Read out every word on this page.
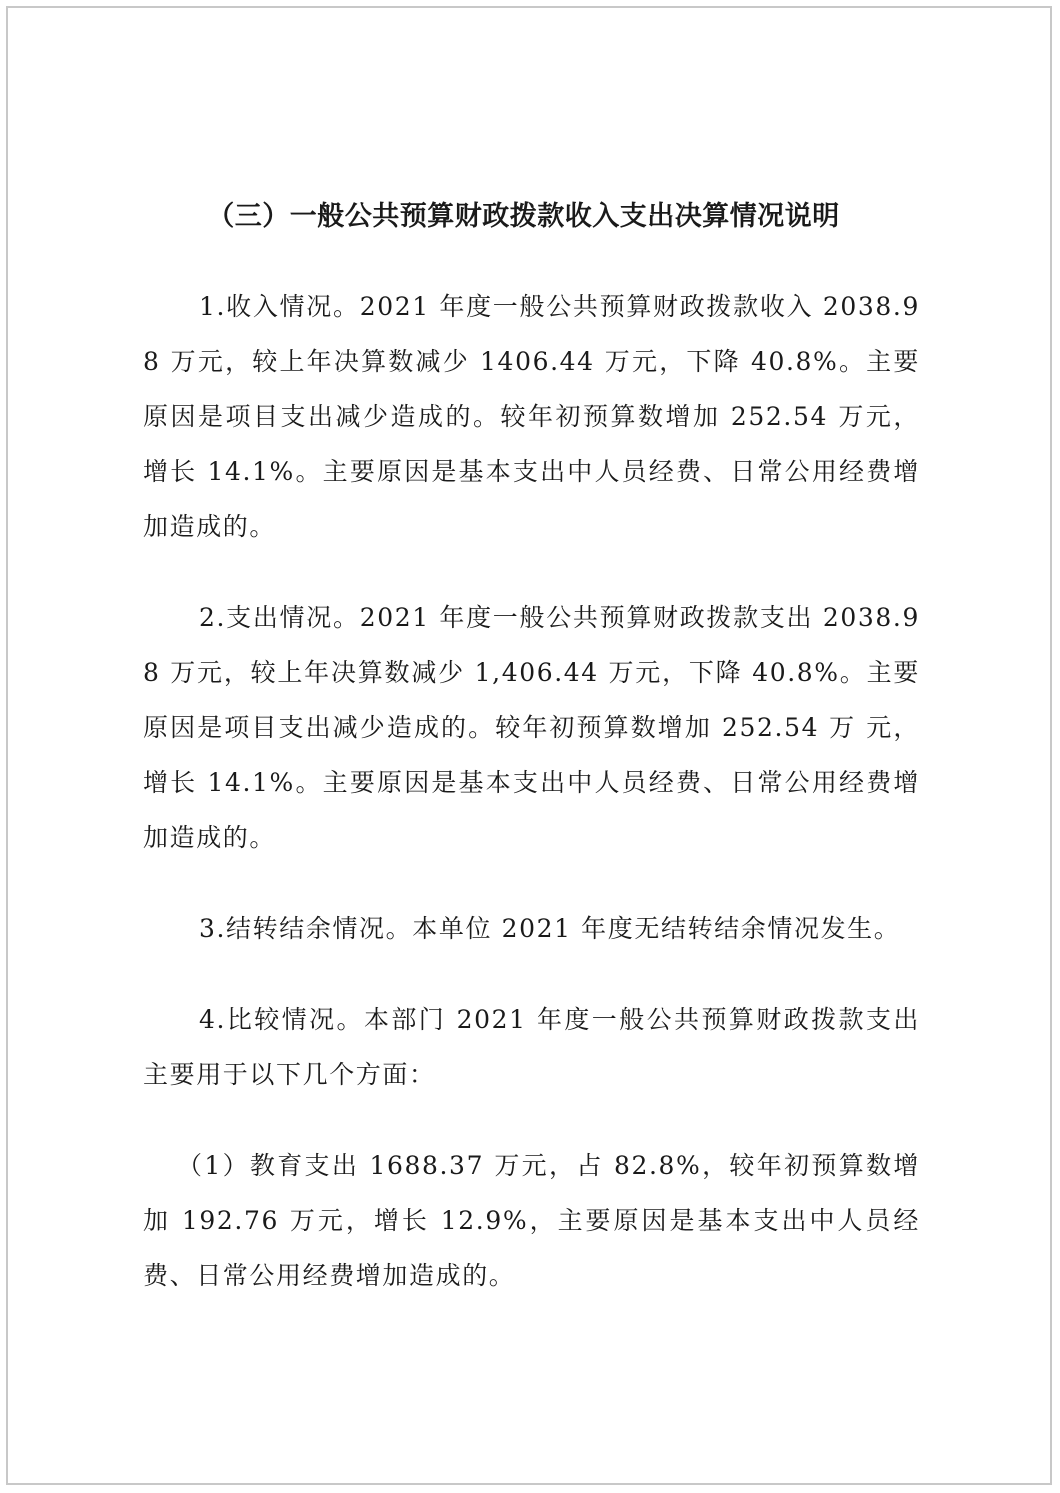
（三）一般公共预算财政拨款收入支出决算情况说明

1.收入情况。2021 年度一般公共预算财政拨款收入 2038.98 万元，较上年决算数减少 1406.44 万元，下降 40.8%。主要原因是项目支出减少造成的。较年初预算数增加 252.54 万元，增长 14.1%。主要原因是基本支出中人员经费、日常公用经费增加造成的。

2.支出情况。2021 年度一般公共预算财政拨款支出 2038.98 万元，较上年决算数减少 1,406.44 万元，下降 40.8%。主要原因是项目支出减少造成的。较年初预算数增加 252.54 万 元，增长 14.1%。主要原因是基本支出中人员经费、日常公用经费增加造成的。

3.结转结余情况。本单位 2021 年度无结转结余情况发生。

4.比较情况。本部门 2021 年度一般公共预算财政拨款支出主要用于以下几个方面：

（1）教育支出 1688.37 万元，占 82.8%，较年初预算数增加 192.76 万元，增长 12.9%，主要原因是基本支出中人员经费、日常公用经费增加造成的。
